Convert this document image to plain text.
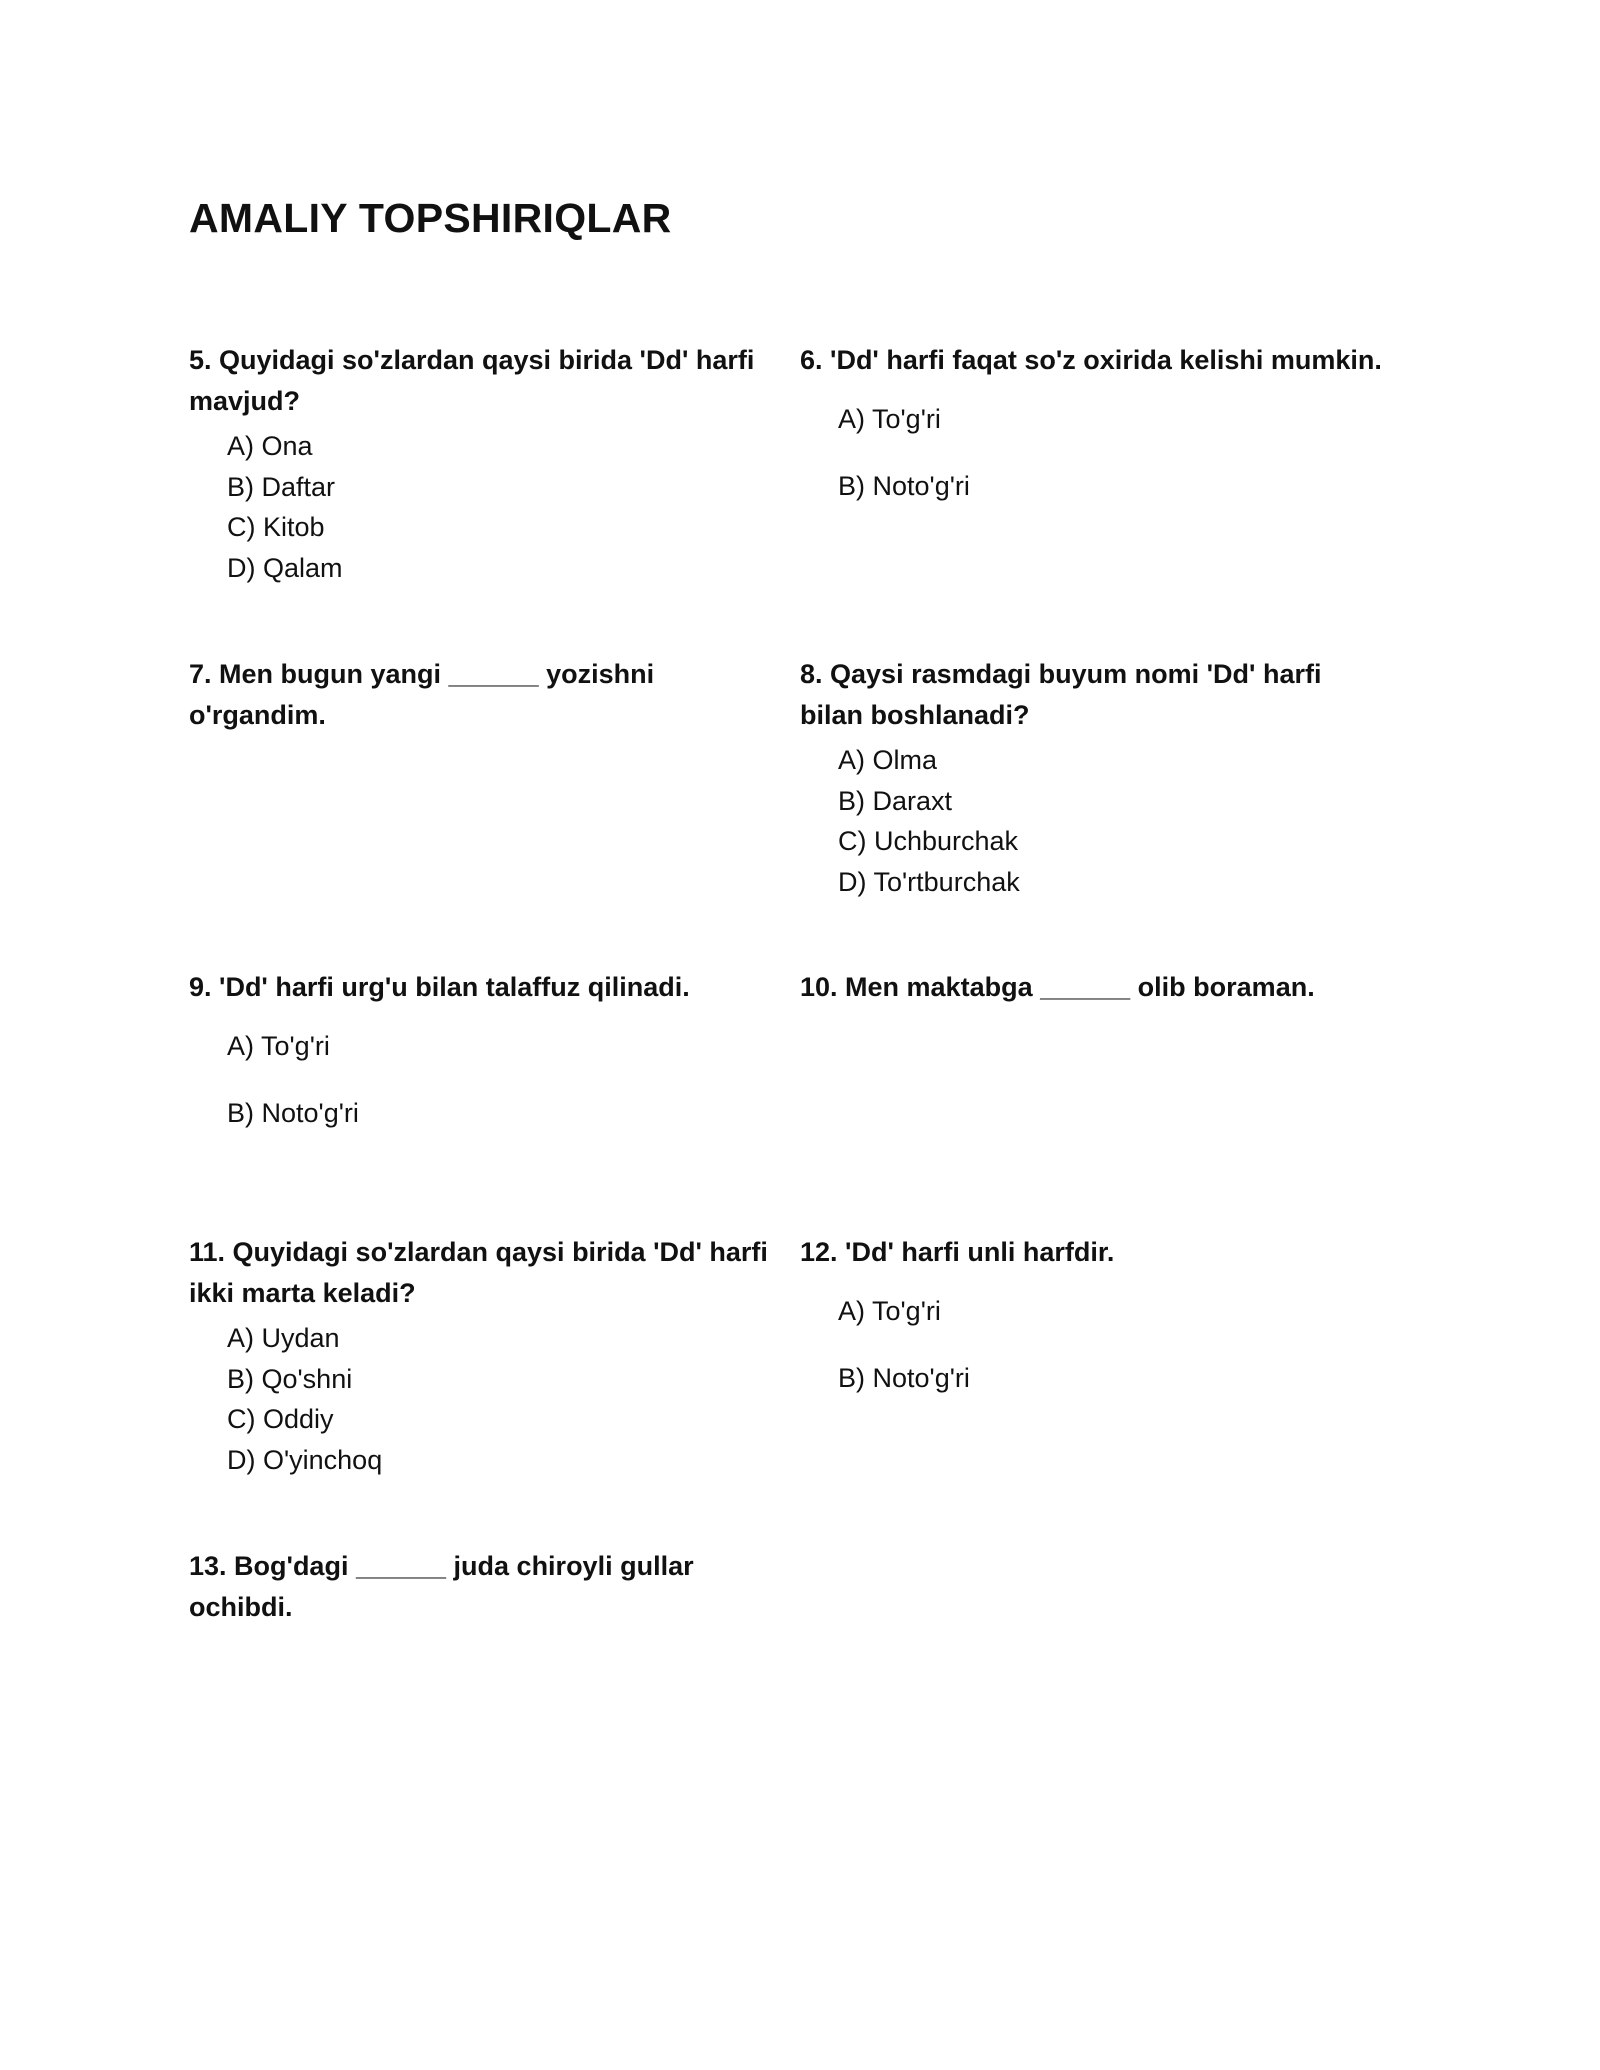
AMALIY TOPSHIRIQLAR

5. Quyidagi so'zlardan qaysi birida 'Dd' harfi mavjud?

A) Ona
B) Daftar
C) Kitob
D) Qalam

6. 'Dd' harfi faqat so'z oxirida kelishi mumkin.

A) To'g'ri
B) Noto'g'ri

7. Men bugun yangi ______ yozishni o'rgandim.

8. Qaysi rasmdagi buyum nomi 'Dd' harfi bilan boshlanadi?

A) Olma
B) Daraxt
C) Uchburchak
D) To'rtburchak

9. 'Dd' harfi urg'u bilan talaffuz qilinadi.

A) To'g'ri
B) Noto'g'ri

10. Men maktabga ______ olib boraman.

11. Quyidagi so'zlardan qaysi birida 'Dd' harfi ikki marta keladi?

A) Uydan
B) Qo'shni
C) Oddiy
D) O'yinchoq

12. 'Dd' harfi unli harfdir.

A) To'g'ri
B) Noto'g'ri

13. Bog'dagi ______ juda chiroyli gullar ochibdi.
